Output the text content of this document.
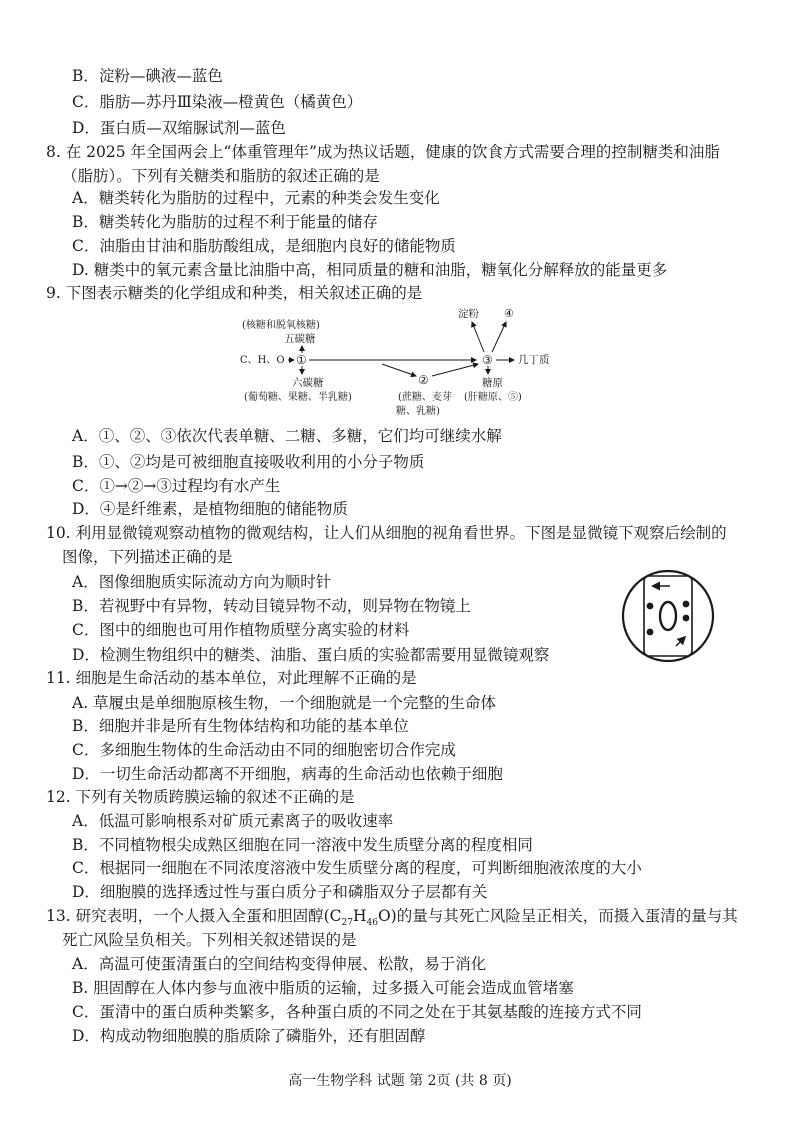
B．淀粉—碘液—蓝色
C．脂肪—苏丹Ⅲ染液—橙黄色（橘黄色）
D．蛋白质—双缩脲试剂—蓝色
8. 在 2025 年全国两会上“体重管理年”成为热议话题，健康的饮食方式需要合理的控制糖类和油脂
（脂肪）。下列有关糖类和脂肪的叙述正确的是
A．糖类转化为脂肪的过程中，元素的种类会发生变化
B．糖类转化为脂肪的过程不利于能量的储存
C．油脂由甘油和脂肪酸组成，是细胞内良好的储能物质
D. 糖类中的氧元素含量比油脂中高，相同质量的糖和油脂，糖氧化分解释放的能量更多
9. 下图表示糖类的化学组成和种类，相关叙述正确的是
(核糖和脱氧核糖)
五碳糖
C、H、O ①	③
②
④
淀粉
几丁质
六碳糖
(葡萄糖、果糖、半乳糖)	(蔗糖、麦芽
糖、乳糖)
糖原
(肝糖原、⑤)
A．①、②、③依次代表单糖、二糖、多糖，它们均可继续水解
B．①、②均是可被细胞直接吸收利用的小分子物质
C．①→②→③过程均有水产生
D．④是纤维素，是植物细胞的储能物质
10. 利用显微镜观察动植物的微观结构，让人们从细胞的视角看世界。下图是显微镜下观察后绘制的
图像，下列描述正确的是
A．图像细胞质实际流动方向为顺时针
B．若视野中有异物，转动目镜异物不动，则异物在物镜上
C．图中的细胞也可用作植物质壁分离实验的材料
D．检测生物组织中的糖类、油脂、蛋白质的实验都需要用显微镜观察
11. 细胞是生命活动的基本单位，对此理解不正确的是
A. 草履虫是单细胞原核生物，一个细胞就是一个完整的生命体
B．细胞并非是所有生物体结构和功能的基本单位
C．多细胞生物体的生命活动由不同的细胞密切合作完成
D．一切生命活动都离不开细胞，病毒的生命活动也依赖于细胞
12. 下列有关物质跨膜运输的叙述不正确的是
A．低温可影响根系对矿质元素离子的吸收速率
B．不同植物根尖成熟区细胞在同一溶液中发生质壁分离的程度相同
C．根据同一细胞在不同浓度溶液中发生质壁分离的程度，可判断细胞液浓度的大小
D．细胞膜的选择透过性与蛋白质分子和磷脂双分子层都有关
13. 研究表明，一个人摄入全蛋和胆固醇$(C_{27}H_{46}O)$的量与其死亡风险呈正相关，而摄入蛋清的量与其
死亡风险呈负相关。下列相关叙述错误的是
A．高温可使蛋清蛋白的空间结构变得伸展、松散，易于消化
B. 胆固醇在人体内参与血液中脂质的运输，过多摄入可能会造成血管堵塞
C．蛋清中的蛋白质种类繁多，各种蛋白质的不同之处在于其氨基酸的连接方式不同
D．构成动物细胞膜的脂质除了磷脂外，还有胆固醇
高一生物学科 试题 第 2页 (共 8 页)
